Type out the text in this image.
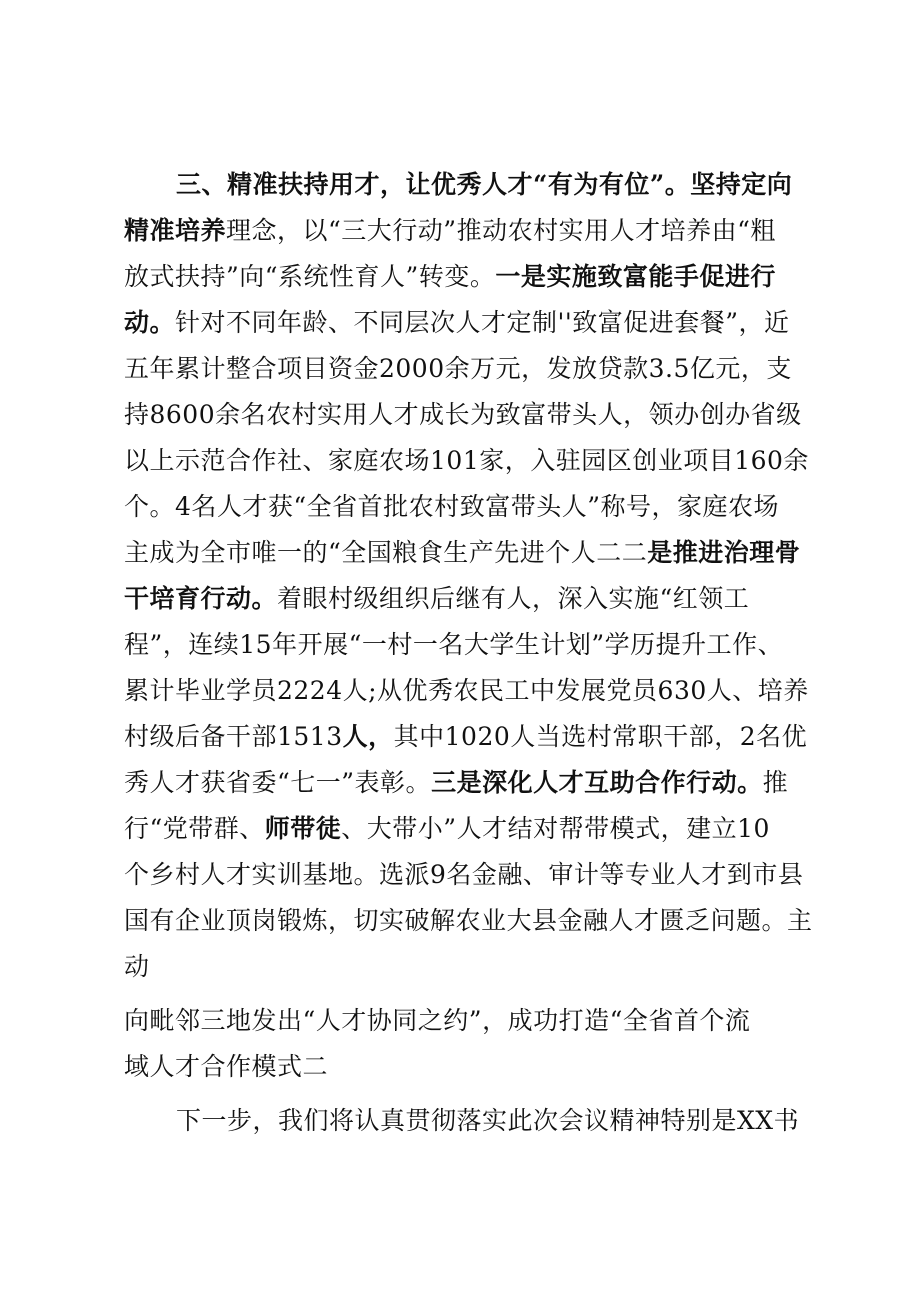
三、精准扶持用才，让优秀人才“有为有位”。坚持定向
精准培养理念，以“三大行动”推动农村实用人才培养由“粗
放式扶持”向“系统性育人”转变。一是实施致富能手促进行
动。针对不同年龄、不同层次人才定制''致富促进套餐”，近
五年累计整合项目资金2000余万元，发放贷款3.5亿元，支
持8600余名农村实用人才成长为致富带头人，领办创办省级
以上示范合作社、家庭农场101家，入驻园区创业项目160余
个。4名人才获“全省首批农村致富带头人”称号，家庭农场
主成为全市唯一的“全国粮食生产先进个人二二是推进治理骨
干培育行动。着眼村级组织后继有人，深入实施“红领工
程”，连续15年开展“一村一名大学生计划”学历提升工作、
累计毕业学员2224人;从优秀农民工中发展党员630人、培养
村级后备干部1513人，其中1020人当选村常职干部，2名优
秀人才获省委“七一”表彰。三是深化人才互助合作行动。推
行“党带群、师带徒、大带小”人才结对帮带模式，建立10
个乡村人才实训基地。选派9名金融、审计等专业人才到市县
国有企业顶岗锻炼，切实破解农业大县金融人才匮乏问题。主
动
向毗邻三地发出“人才协同之约”，成功打造“全省首个流
域人才合作模式二
下一步，我们将认真贯彻落实此次会议精神特别是XX书
